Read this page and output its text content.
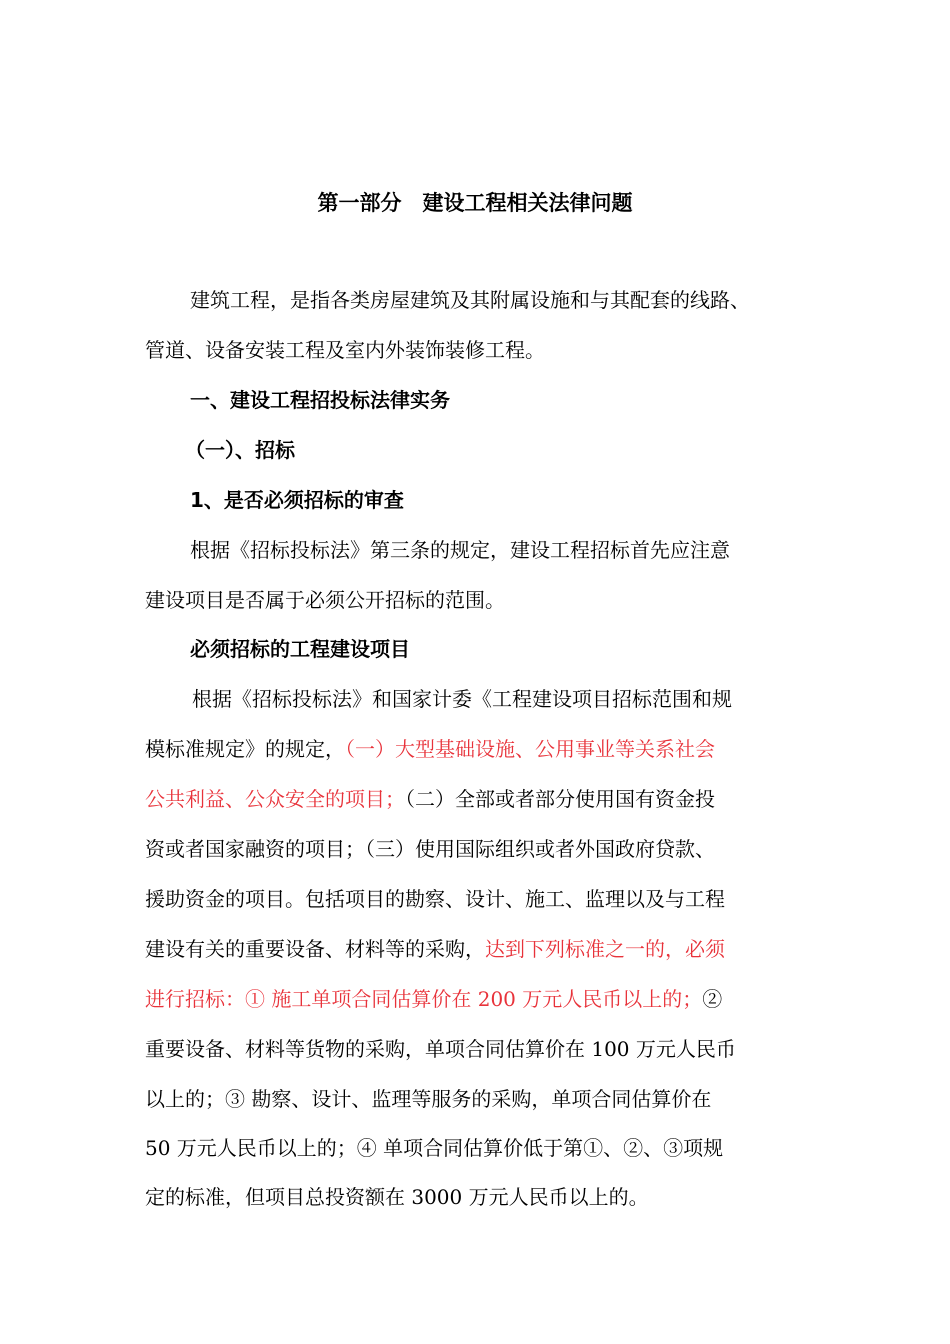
第一部分　建设工程相关法律问题
建筑工程，是指各类房屋建筑及其附属设施和与其配套的线路、
管道、设备安装工程及室内外装饰装修工程。
一、建设工程招投标法律实务
（一）、招标
1、是否必须招标的审查
根据《招标投标法》第三条的规定，建设工程招标首先应注意
建设项目是否属于必须公开招标的范围。
必须招标的工程建设项目
根据《招标投标法》和国家计委《工程建设项目招标范围和规
模标准规定》的规定，（一）大型基础设施、公用事业等关系社会
公共利益、公众安全的项目；（二）全部或者部分使用国有资金投
资或者国家融资的项目；（三）使用国际组织或者外国政府贷款、
援助资金的项目。包括项目的勘察、设计、施工、监理以及与工程
建设有关的重要设备、材料等的采购，达到下列标准之一的，必须
进行招标：① 施工单项合同估算价在 200 万元人民币以上的；②
重要设备、材料等货物的采购，单项合同估算价在 100 万元人民币
以上的；③ 勘察、设计、监理等服务的采购，单项合同估算价在
50 万元人民币以上的；④ 单项合同估算价低于第①、②、③项规
定的标准，但项目总投资额在 3000 万元人民币以上的。
